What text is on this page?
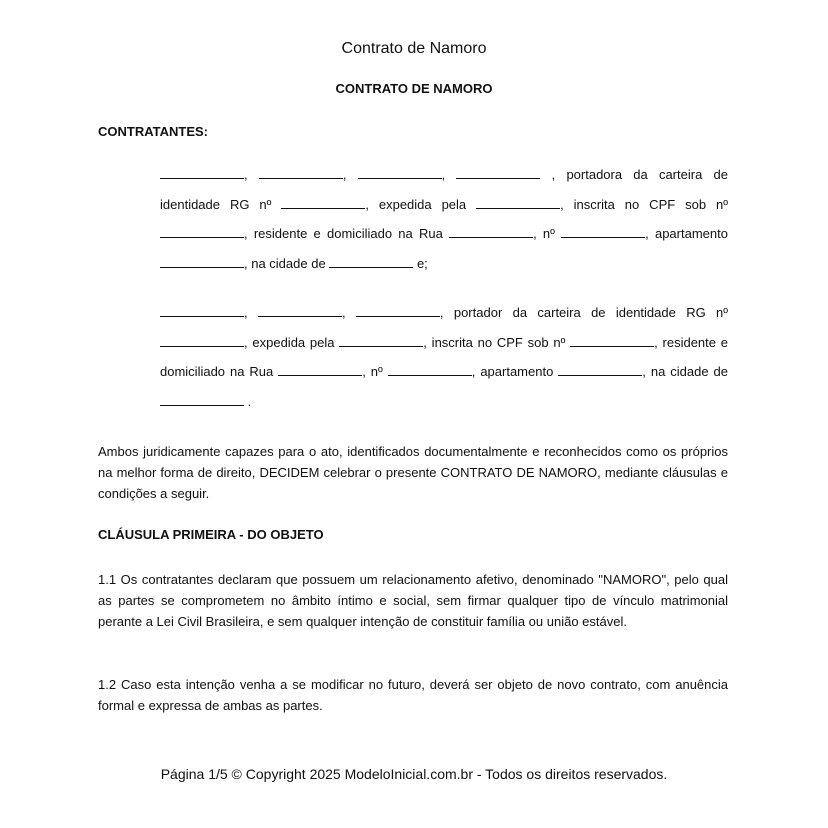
Contrato de Namoro
CONTRATO DE NAMORO
CONTRATANTES:
,	,	,	, portadora da carteira de identidade RG nº	, expedida pela	, inscrita no CPF sob nº , residente e domiciliado na Rua	, nº	, apartamento , na cidade de	e;
,	,	, portador da carteira de identidade RG nº , expedida pela	, inscrita no CPF sob nº	, residente e domiciliado na Rua	, nº	, apartamento	, na cidade de  .
Ambos juridicamente capazes para o ato, identificados documentalmente e reconhecidos como os próprios na melhor forma de direito, DECIDEM celebrar o presente CONTRATO DE NAMORO, mediante cláusulas e condições a seguir.
CLÁUSULA PRIMEIRA - DO OBJETO
1.1 Os contratantes declaram que possuem um relacionamento afetivo, denominado "NAMORO", pelo qual as partes se comprometem no âmbito íntimo e social, sem firmar qualquer tipo de vínculo matrimonial perante a Lei Civil Brasileira, e sem qualquer intenção de constituir família ou união estável.
1.2 Caso esta intenção venha a se modificar no futuro, deverá ser objeto de novo contrato, com anuência formal e expressa de ambas as partes.
Página 1/5 © Copyright 2025 ModeloInicial.com.br - Todos os direitos reservados.
